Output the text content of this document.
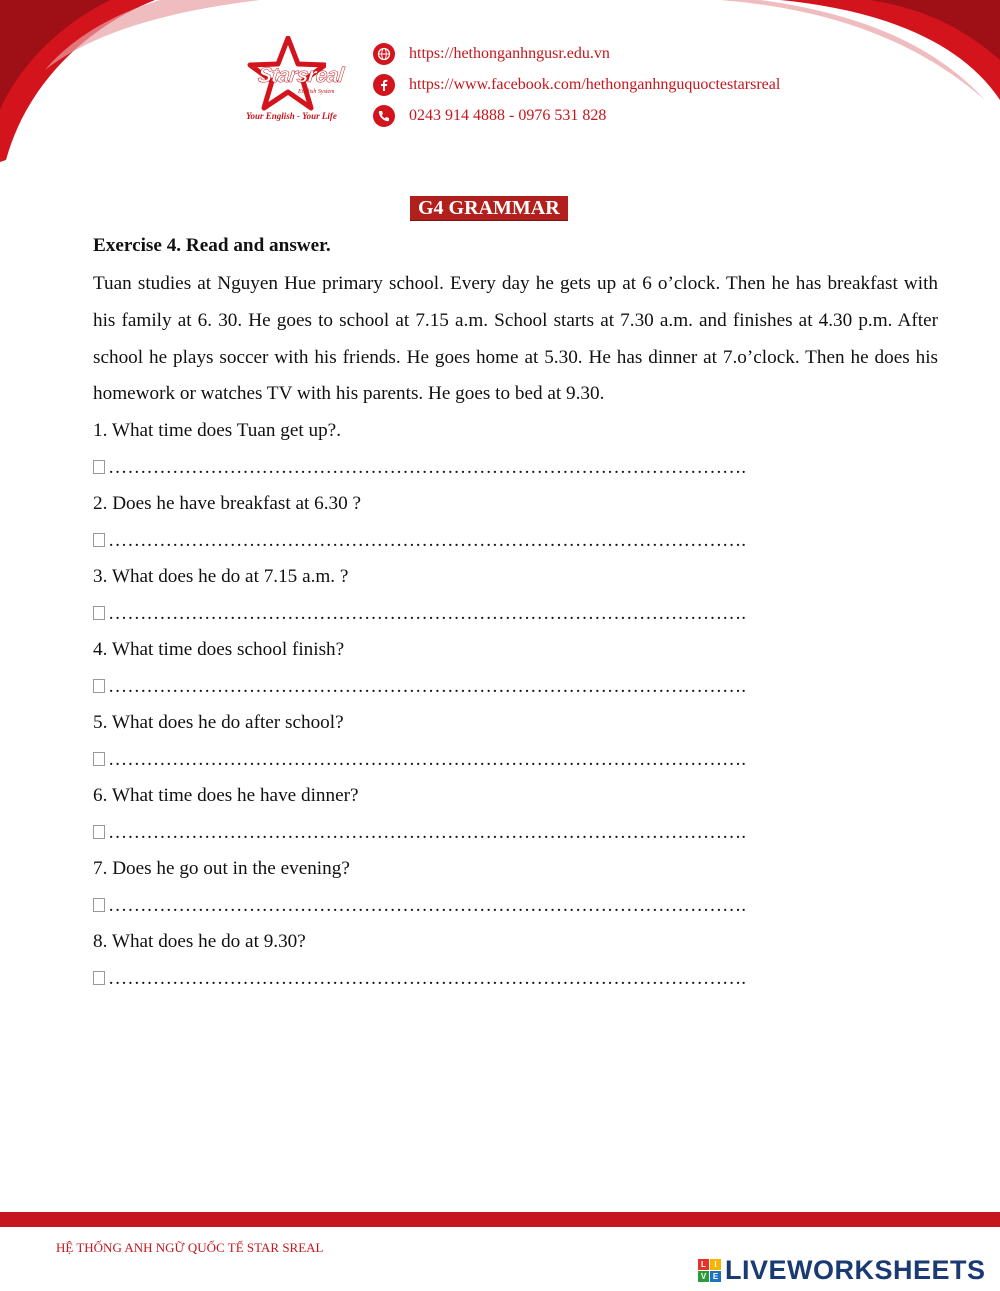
Starsreal
English System
Your English - Your Life
https://hethonganhngusr.edu.vn
https://www.facebook.com/hethonganhnguquoctestarsreal
0243 914 4888 - 0976 531 828
G4 GRAMMAR
Exercise 4. Read and answer.

Tuan studies at Nguyen Hue primary school. Every day he gets up at 6 o’clock. Then he has breakfast with his family at 6. 30. He goes to school at 7.15 a.m. School starts at 7.30 a.m. and finishes at 4.30 p.m. After school he plays soccer with his friends. He goes home at 5.30. He has dinner at 7.o’clock. Then he does his homework or watches TV with his parents. He goes to bed at 9.30.

1. What time does Tuan get up?.
……………………………………………………………………………………….
2. Does he have breakfast at 6.30 ?
……………………………………………………………………………………….
3. What does he do at 7.15 a.m. ?
……………………………………………………………………………………….
4. What time does school finish?
……………………………………………………………………………………….
5. What does he do after school?
……………………………………………………………………………………….
6. What time does he have dinner?
……………………………………………………………………………………….
7. Does he go out in the evening?
……………………………………………………………………………………….
8. What does he do at 9.30?
……………………………………………………………………………………….
HỆ THỐNG ANH NGỮ QUỐC TẾ STAR SREAL
L	I
V E LIVEWORKSHEETS
